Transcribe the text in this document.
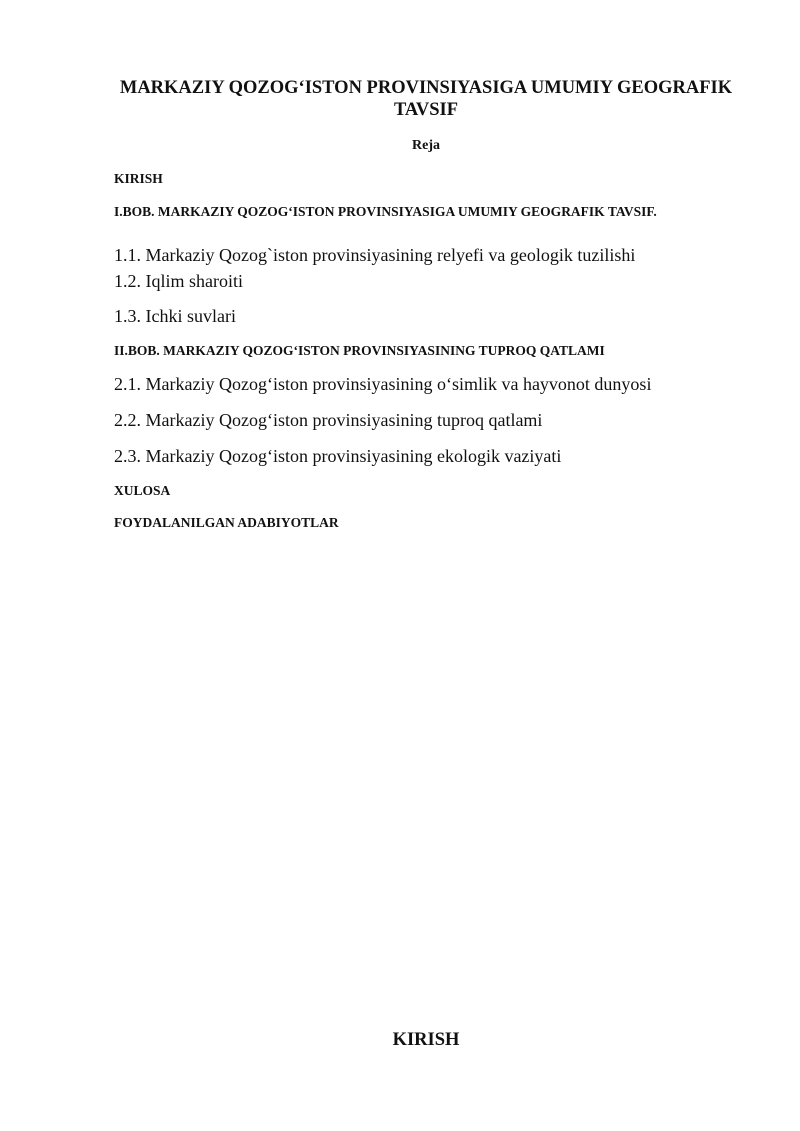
MARKAZIY QOZOG‘ISTON PROVINSIYASIGA UMUMIY GEOGRAFIK TAVSIF
Reja
KIRISH
I.BOB. MARKAZIY QOZOG‘ISTON PROVINSIYASIGA UMUMIY GEOGRAFIK TAVSIF.
1.1. Markaziy Qozog`iston provinsiyasining relyefi va geologik tuzilishi
1.2. Iqlim sharoiti
1.3. Ichki suvlari
II.BOB. MARKAZIY QOZOG‘ISTON PROVINSIYASINING TUPROQ QATLAMI
2.1. Markaziy Qozog‘iston provinsiyasining o‘simlik va hayvonot dunyosi
2.2. Markaziy Qozog‘iston provinsiyasining tuproq qatlami
2.3. Markaziy Qozog‘iston provinsiyasining ekologik vaziyati
XULOSA
FOYDALANILGAN ADABIYOTLAR
KIRISH
